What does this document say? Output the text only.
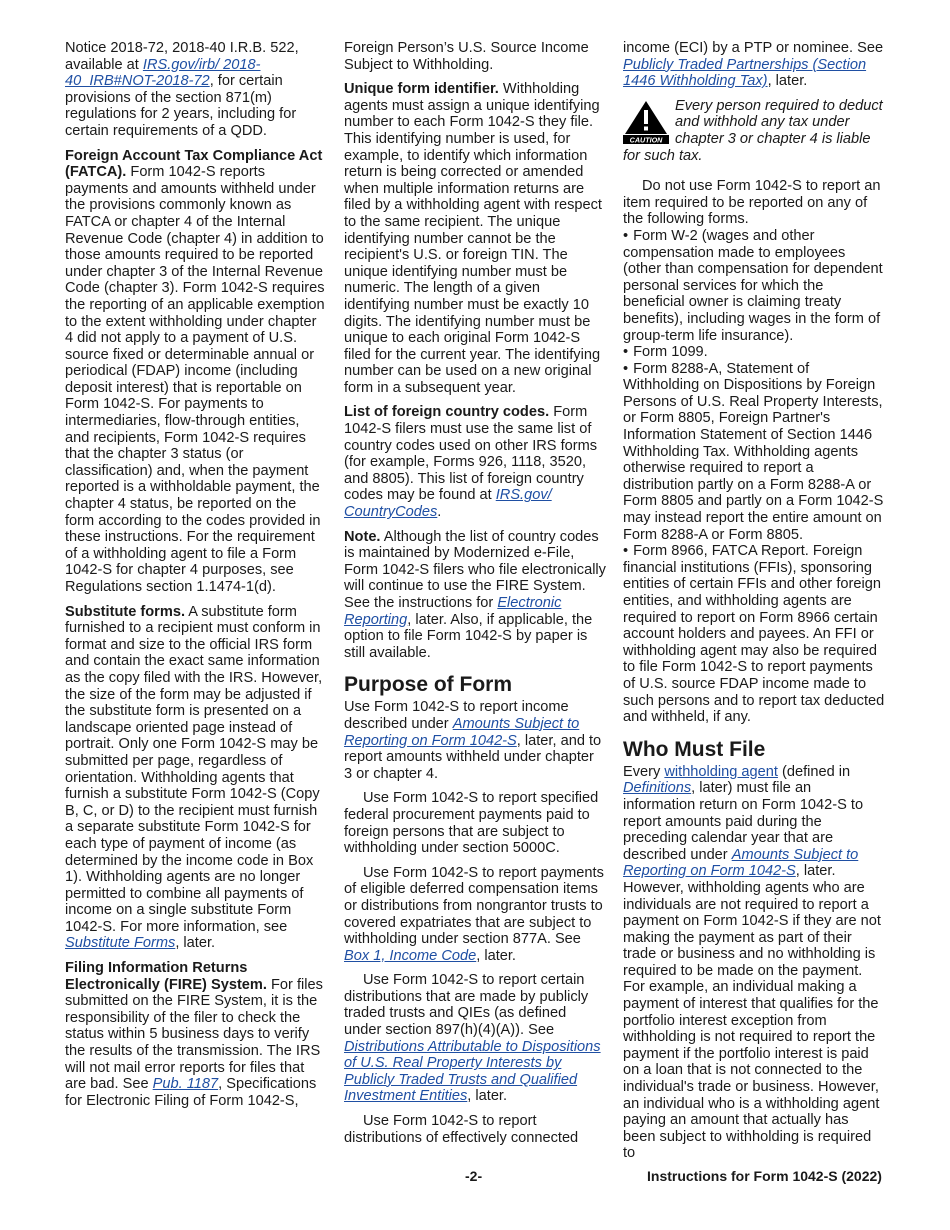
Notice 2018-72, 2018-40 I.R.B. 522, available at IRS.gov/irb/ 2018-40_IRB#NOT-2018-72, for certain provisions of the section 871(m) regulations for 2 years, including for certain requirements of a QDD.

Foreign Account Tax Compliance Act (FATCA). Form 1042-S reports payments and amounts withheld under the provisions commonly known as FATCA or chapter 4 of the Internal Revenue Code (chapter 4) in addition to those amounts required to be reported under chapter 3 of the Internal Revenue Code (chapter 3). Form 1042-S requires the reporting of an applicable exemption to the extent withholding under chapter 4 did not apply to a payment of U.S. source fixed or determinable annual or periodical (FDAP) income (including deposit interest) that is reportable on Form 1042-S. For payments to intermediaries, flow-through entities, and recipients, Form 1042-S requires that the chapter 3 status (or classification) and, when the payment reported is a withholdable payment, the chapter 4 status, be reported on the form according to the codes provided in these instructions. For the requirement of a withholding agent to file a Form 1042-S for chapter 4 purposes, see Regulations section 1.1474-1(d).

Substitute forms. A substitute form furnished to a recipient must conform in format and size to the official IRS form and contain the exact same information as the copy filed with the IRS. However, the size of the form may be adjusted if the substitute form is presented on a landscape oriented page instead of portrait. Only one Form 1042-S may be submitted per page, regardless of orientation. Withholding agents that furnish a substitute Form 1042-S (Copy B, C, or D) to the recipient must furnish a separate substitute Form 1042-S for each type of payment of income (as determined by the income code in Box 1). Withholding agents are no longer permitted to combine all payments of income on a single substitute Form 1042-S. For more information, see Substitute Forms, later.

Filing Information Returns Electronically (FIRE) System. For files submitted on the FIRE System, it is the responsibility of the filer to check the status within 5 business days to verify the results of the transmission. The IRS will not mail error reports for files that are bad. See Pub. 1187, Specifications for Electronic Filing of Form 1042-S,

Foreign Person’s U.S. Source Income Subject to Withholding.

Unique form identifier. Withholding agents must assign a unique identifying number to each Form 1042-S they file. This identifying number is used, for example, to identify which information return is being corrected or amended when multiple information returns are filed by a withholding agent with respect to the same recipient. The unique identifying number cannot be the recipient's U.S. or foreign TIN. The unique identifying number must be numeric. The length of a given identifying number must be exactly 10 digits. The identifying number must be unique to each original Form 1042-S filed for the current year. The identifying number can be used on a new original form in a subsequent year.

List of foreign country codes. Form 1042-S filers must use the same list of country codes used on other IRS forms (for example, Forms 926, 1118, 3520, and 8805). This list of foreign country codes may be found at IRS.gov/ CountryCodes.

Note. Although the list of country codes is maintained by Modernized e-File, Form 1042-S filers who file electronically will continue to use the FIRE System. See the instructions for Electronic Reporting, later. Also, if applicable, the option to file Form 1042-S by paper is still available.

Purpose of Form

Use Form 1042-S to report income described under Amounts Subject to Reporting on Form 1042-S, later, and to report amounts withheld under chapter 3 or chapter 4.

Use Form 1042-S to report specified federal procurement payments paid to foreign persons that are subject to withholding under section 5000C.

Use Form 1042-S to report payments of eligible deferred compensation items or distributions from nongrantor trusts to covered expatriates that are subject to withholding under section 877A. See Box 1, Income Code, later.

Use Form 1042-S to report certain distributions that are made by publicly traded trusts and QIEs (as defined under section 897(h)(4)(A)). See Distributions Attributable to Dispositions of U.S. Real Property Interests by Publicly Traded Trusts and Qualified Investment Entities, later.

Use Form 1042-S to report distributions of effectively connected

income (ECI) by a PTP or nominee. See Publicly Traded Partnerships (Section 1446 Withholding Tax), later.

CAUTION
Every person required to deduct and withhold any tax under chapter 3 or chapter 4 is liable
for such tax.

Do not use Form 1042-S to report an item required to be reported on any of the following forms.

• Form W-2 (wages and other compensation made to employees (other than compensation for dependent personal services for which the beneficial owner is claiming treaty benefits), including wages in the form of group-term life insurance).

• Form 1099.

• Form 8288-A, Statement of Withholding on Dispositions by Foreign Persons of U.S. Real Property Interests, or Form 8805, Foreign Partner's Information Statement of Section 1446 Withholding Tax. Withholding agents otherwise required to report a distribution partly on a Form 8288-A or Form 8805 and partly on a Form 1042-S may instead report the entire amount on Form 8288-A or Form 8805.

• Form 8966, FATCA Report. Foreign financial institutions (FFIs), sponsoring entities of certain FFIs and other foreign entities, and withholding agents are required to report on Form 8966 certain account holders and payees. An FFI or withholding agent may also be required to file Form 1042-S to report payments of U.S. source FDAP income made to such persons and to report tax deducted and withheld, if any.

Who Must File

Every withholding agent (defined in Definitions, later) must file an information return on Form 1042-S to report amounts paid during the preceding calendar year that are described under Amounts Subject to Reporting on Form 1042-S, later. However, withholding agents who are individuals are not required to report a payment on Form 1042-S if they are not making the payment as part of their trade or business and no withholding is required to be made on the payment. For example, an individual making a payment of interest that qualifies for the portfolio interest exception from withholding is not required to report the payment if the portfolio interest is paid on a loan that is not connected to the individual's trade or business. However, an individual who is a withholding agent paying an amount that actually has been subject to withholding is required to

-2-	Instructions for Form 1042-S (2022)
